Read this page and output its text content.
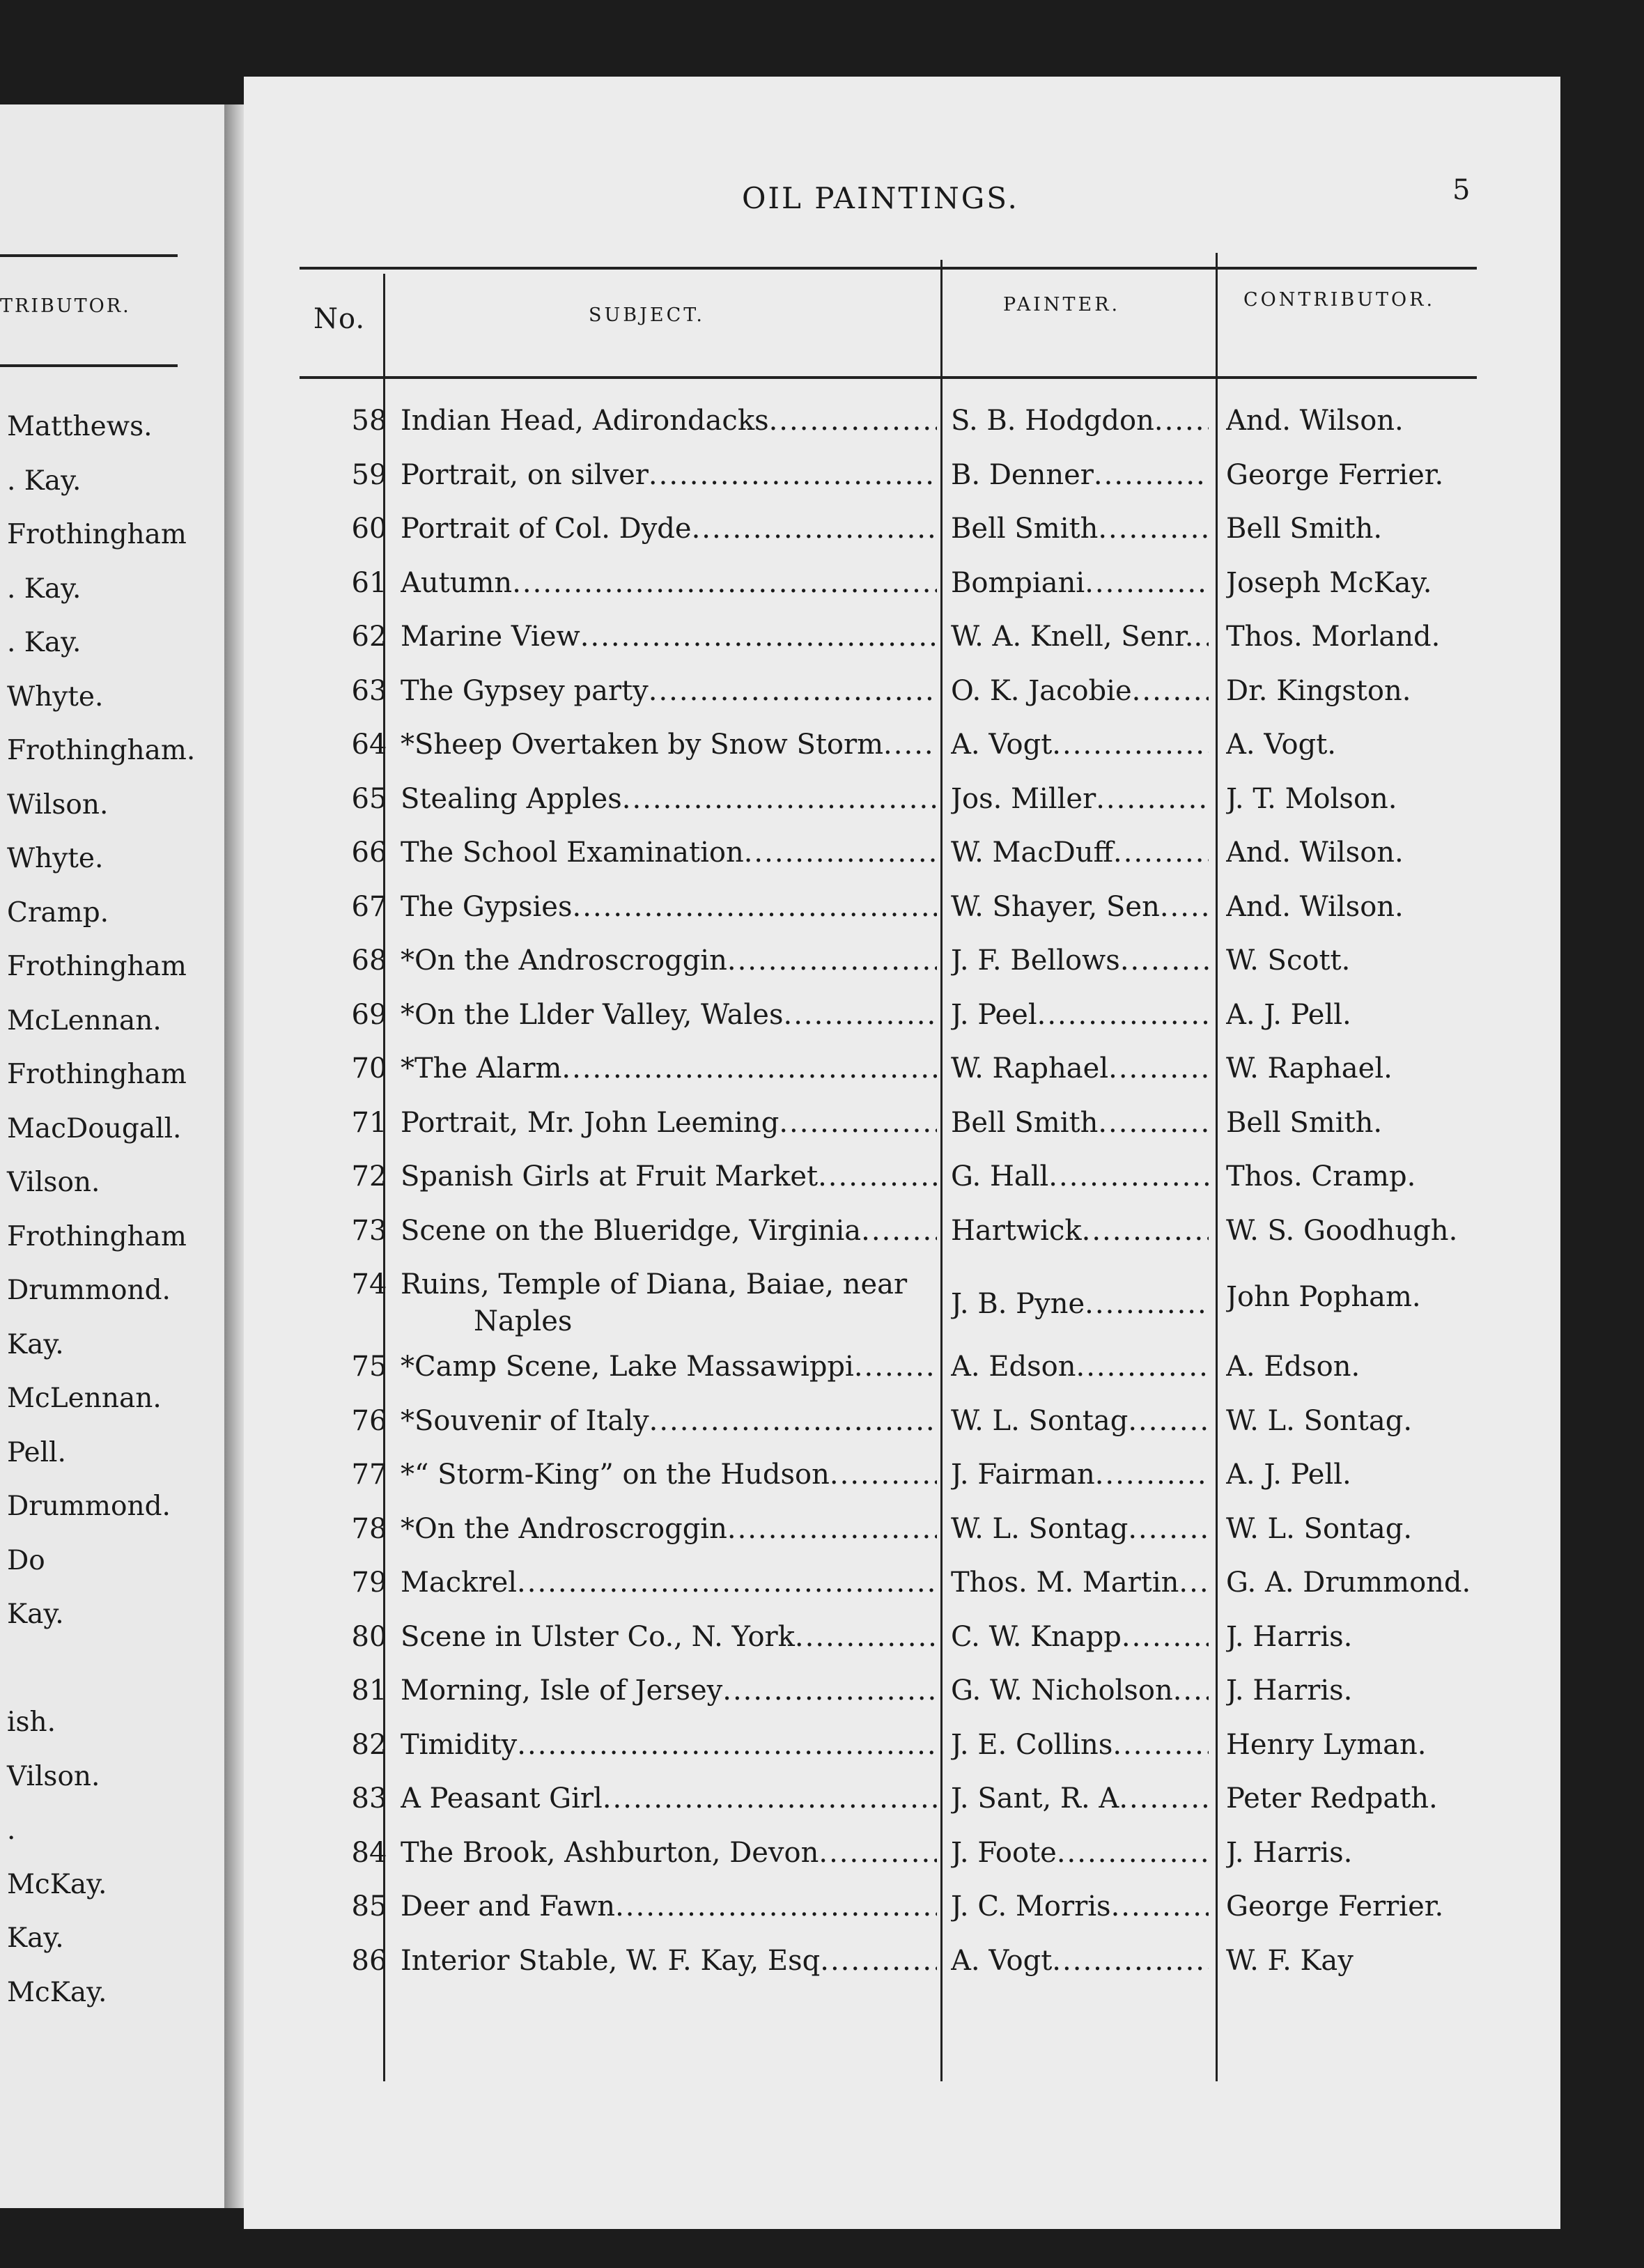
TRIBUTOR.
Matthews.
. Kay.
Frothingham
. Kay.
. Kay.
Whyte.
Frothingham.
Wilson.
Whyte.
Cramp.
Frothingham
McLennan.
Frothingham
MacDougall.
Vilson.
Frothingham
Drummond.
Kay.
McLennan.
Pell.
Drummond.
Do
Kay.
ish.
Vilson.
.
McKay.
Kay.
McKay.
OIL PAINTINGS.	5
No.	SUBJECT.	PAINTER.	CONTRIBUTOR.
58 Indian Head, Adirondacks .....	S. B. Hodgdon .....	And. Wilson.
59 Portrait, on silver .....	B. Denner .....	George Ferrier.
60 Portrait of Col. Dyde .....	Bell Smith .....	Bell Smith.
61 Autumn .....	Bompiani .....	Joseph McKay.
62 Marine View .....	W. A. Knell, Senr. ..... Thos. Morland.
63 The Gypsey party .....	O. K. Jacobie .....	Dr. Kingston.
64 *Sheep Overtaken by Snow Storm ..... A. Vogt .....	A. Vogt.
65 Stealing Apples .....	Jos. Miller .....	J. T. Molson.
66 The School Examination .....	W. MacDuff .....	And. Wilson.
67 The Gypsies .....	W. Shayer, Sen ..... And. Wilson.
68 *On the Androscroggin .....	J. F. Bellows .....	W. Scott.
69 *On the Llder Valley, Wales .....	J. Peel .....	A. J. Pell.
70 *The Alarm .....	W. Raphael .....	W. Raphael.
71 Portrait, Mr. John Leeming .....	Bell Smith .....	Bell Smith.
72 Spanish Girls at Fruit Market .....	G. Hall .....	Thos. Cramp.
73 Scene on the Blueridge, Virginia .....	Hartwick .....	W. S. Goodhugh.
74 Ruins, Temple of Diana, Baiae, near
Naples
J. B. Pyne .....	John Popham.
75 *Camp Scene, Lake Massawippi .....	A. Edson .....	A. Edson.
76 *Souvenir of Italy .....	W. L. Sontag .....	W. L. Sontag.
77 *“ Storm-King” on the Hudson .....	J. Fairman .....	A. J. Pell.
78 *On the Androscroggin .....	W. L. Sontag .....	W. L. Sontag.
79 Mackrel .....	Thos. M. Martin ..... G. A. Drummond.
80 Scene in Ulster Co., N. York .....	C. W. Knapp .....	J. Harris.
81 Morning, Isle of Jersey .....	G. W. Nicholson ..... J. Harris.
82 Timidity .....	J. E. Collins .....	Henry Lyman.
83 A Peasant Girl .....	J. Sant, R. A .....	Peter Redpath.
84 The Brook, Ashburton, Devon .....	J. Foote .....	J. Harris.
85 Deer and Fawn .....	J. C. Morris .....	George Ferrier.
86 Interior Stable, W. F. Kay, Esq .....	A. Vogt .....	W. F. Kay
